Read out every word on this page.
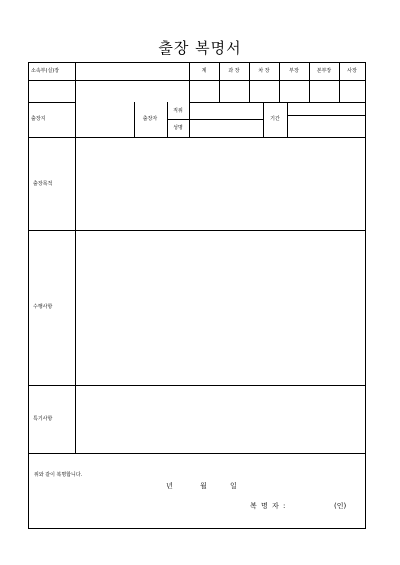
출장 복명서
소속부(실)장	계	과 장	차 장	부장	본부장	사장
출장지	출장자
직위
성명
기간
출장목적
수행사항
특기사항
위와 같이 복명합니다.
년	월	일
복 명 자 :	(인)
